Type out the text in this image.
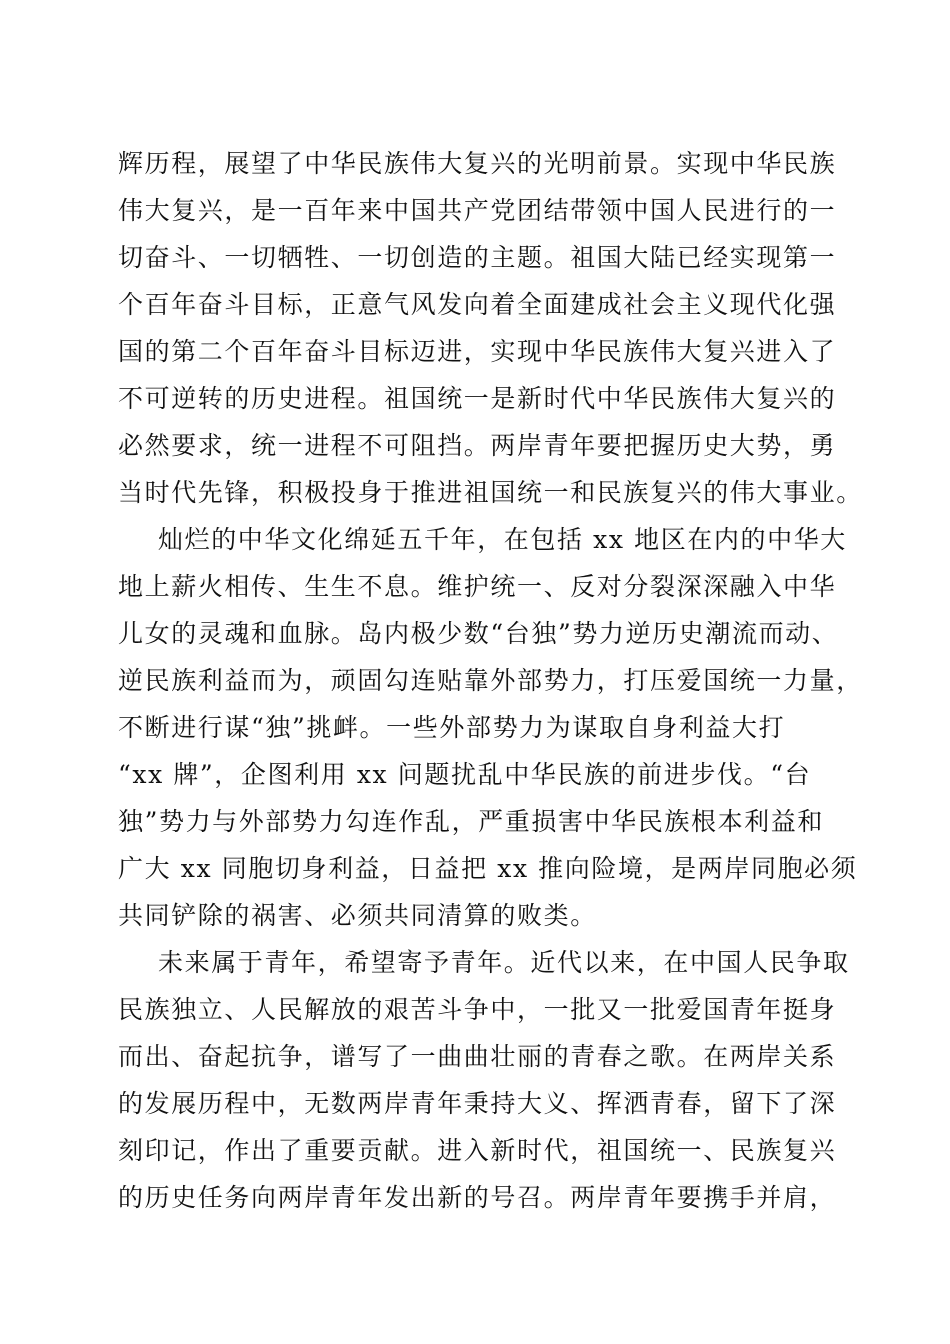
辉历程，展望了中华民族伟大复兴的光明前景。实现中华民族
伟大复兴，是一百年来中国共产党团结带领中国人民进行的一
切奋斗、一切牺牲、一切创造的主题。祖国大陆已经实现第一
个百年奋斗目标，正意气风发向着全面建成社会主义现代化强
国的第二个百年奋斗目标迈进，实现中华民族伟大复兴进入了
不可逆转的历史进程。祖国统一是新时代中华民族伟大复兴的
必然要求，统一进程不可阻挡。两岸青年要把握历史大势，勇
当时代先锋，积极投身于推进祖国统一和民族复兴的伟大事业。
灿烂的中华文化绵延五千年，在包括 xx 地区在内的中华大
地上薪火相传、生生不息。维护统一、反对分裂深深融入中华
儿女的灵魂和血脉。岛内极少数“台独”势力逆历史潮流而动、
逆民族利益而为，顽固勾连贴靠外部势力，打压爱国统一力量，
不断进行谋“独”挑衅。一些外部势力为谋取自身利益大打
“xx 牌”，企图利用 xx 问题扰乱中华民族的前进步伐。“台
独”势力与外部势力勾连作乱，严重损害中华民族根本利益和
广大 xx 同胞切身利益，日益把 xx 推向险境，是两岸同胞必须
共同铲除的祸害、必须共同清算的败类。
未来属于青年，希望寄予青年。近代以来，在中国人民争取
民族独立、人民解放的艰苦斗争中，一批又一批爱国青年挺身
而出、奋起抗争，谱写了一曲曲壮丽的青春之歌。在两岸关系
的发展历程中，无数两岸青年秉持大义、挥洒青春，留下了深
刻印记，作出了重要贡献。进入新时代，祖国统一、民族复兴
的历史任务向两岸青年发出新的号召。两岸青年要携手并肩，
